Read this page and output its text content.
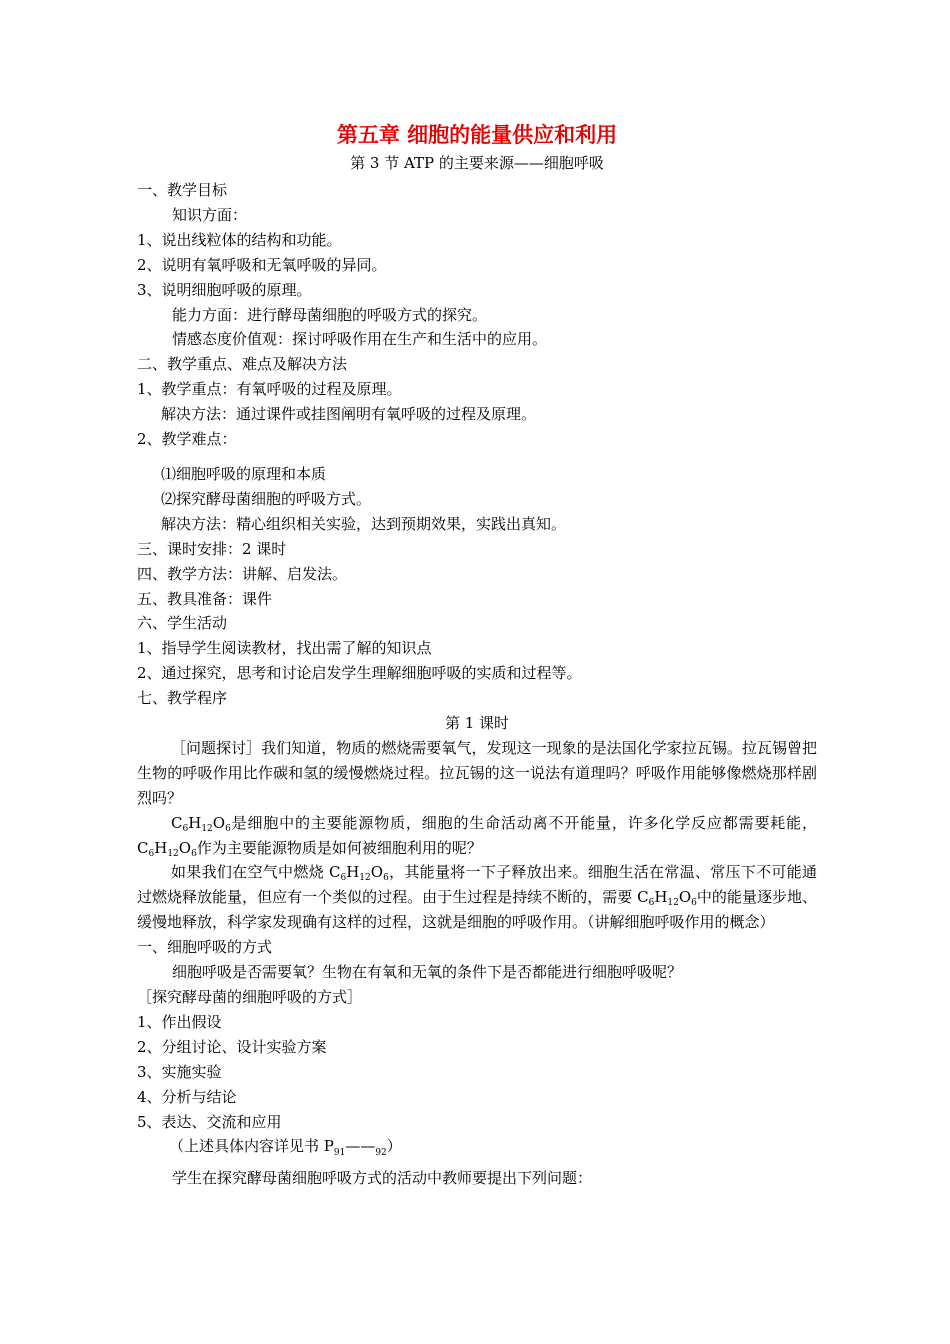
第五章 细胞的能量供应和利用

第 3 节 ATP 的主要来源——细胞呼吸

一、教学目标

知识方面：

1、说出线粒体的结构和功能。

2、说明有氧呼吸和无氧呼吸的异同。

3、说明细胞呼吸的原理。

能力方面：进行酵母菌细胞的呼吸方式的探究。

情感态度价值观：探讨呼吸作用在生产和生活中的应用。

二、教学重点、难点及解决方法

1、教学重点：有氧呼吸的过程及原理。

解决方法：通过课件或挂图阐明有氧呼吸的过程及原理。

2、教学难点：

⑴细胞呼吸的原理和本质

⑵探究酵母菌细胞的呼吸方式。

解决方法：精心组织相关实验，达到预期效果，实践出真知。

三、课时安排：2 课时

四、教学方法：讲解、启发法。

五、教具准备：课件

六、学生活动

1、指导学生阅读教材，找出需了解的知识点

2、通过探究，思考和讨论启发学生理解细胞呼吸的实质和过程等。

七、教学程序

第 1 课时

［问题探讨］我们知道，物质的燃烧需要氧气，发现这一现象的是法国化学家拉瓦锡。拉瓦锡曾把生物的呼吸作用比作碳和氢的缓慢燃烧过程。拉瓦锡的这一说法有道理吗？呼吸作用能够像燃烧那样剧烈吗？

$C_6H_{12}O_6$是细胞中的主要能源物质，细胞的生命活动离不开能量，许多化学反应都需要耗能，$C_6H_{12}O_6$作为主要能源物质是如何被细胞利用的呢？

如果我们在空气中燃烧 $C_6H_{12}O_6$，其能量将一下子释放出来。细胞生活在常温、常压下不可能通过燃烧释放能量，但应有一个类似的过程。由于生过程是持续不断的，需要 $C_6H_{12}O_6$中的能量逐步地、缓慢地释放，科学家发现确有这样的过程，这就是细胞的呼吸作用。（讲解细胞呼吸作用的概念）

一、细胞呼吸的方式

细胞呼吸是否需要氧？生物在有氧和无氧的条件下是否都能进行细胞呼吸呢？

［探究酵母菌的细胞呼吸的方式］

1、作出假设

2、分组讨论、设计实验方案

3、实施实验

4、分析与结论

5、表达、交流和应用

（上述具体内容详见书 $P_{91}——_{92}$）

学生在探究酵母菌细胞呼吸方式的活动中教师要提出下列问题：
